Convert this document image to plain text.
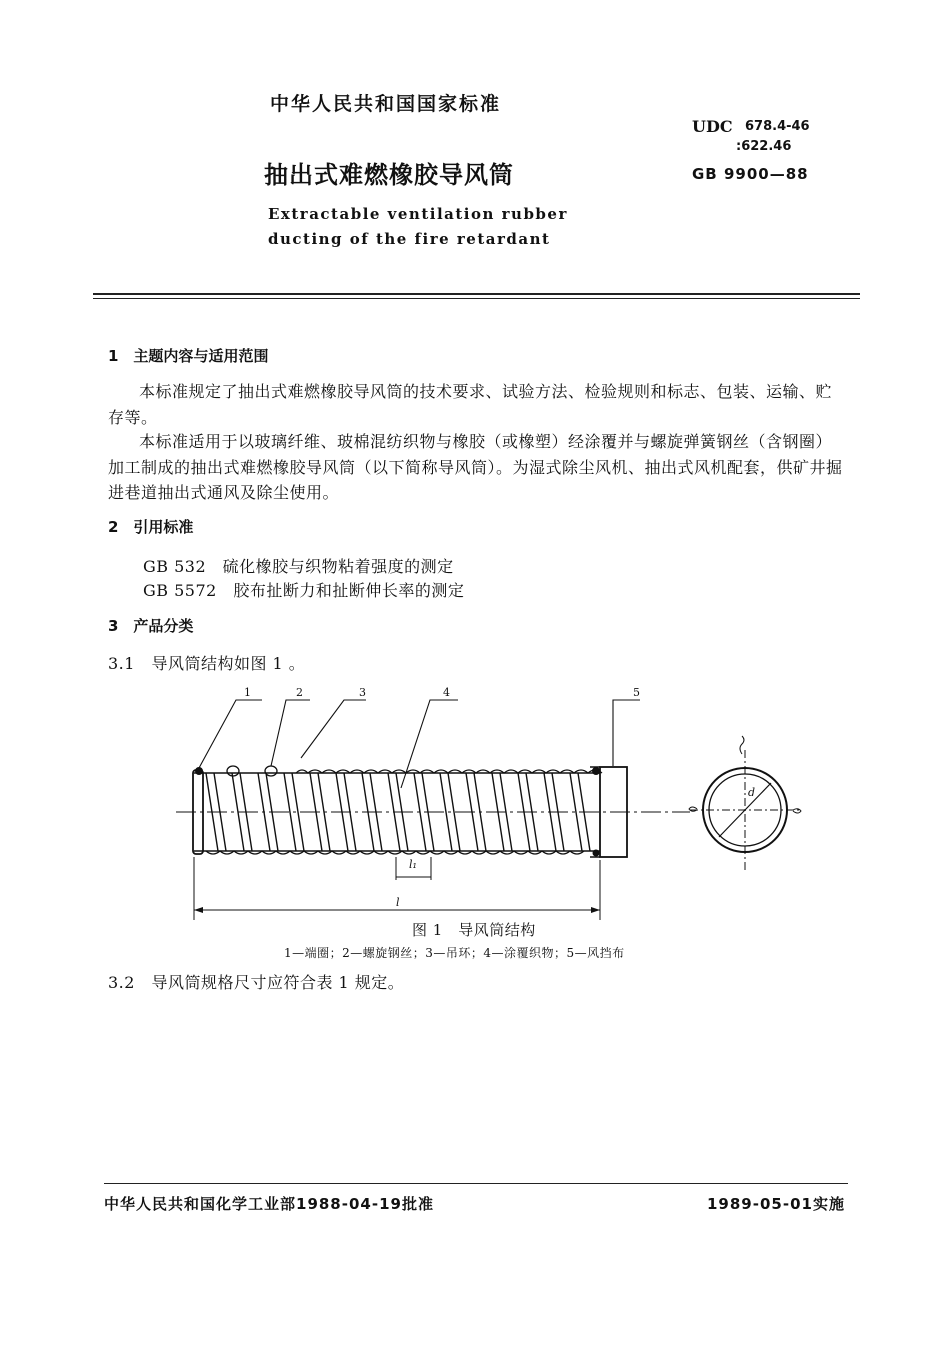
中华人民共和国国家标准
UDC 678.4-46
:622.46
GB 9900—88
抽出式难燃橡胶导风筒
Extractable ventilation rubber
ducting of the fire retardant
1　主题内容与适用范围
本标准规定了抽出式难燃橡胶导风筒的技术要求、试验方法、检验规则和标志、包装、运输、贮
存等。
本标准适用于以玻璃纤维、玻棉混纺织物与橡胶（或橡塑）经涂覆并与螺旋弹簧钢丝（含钢圈）
加工制成的抽出式难燃橡胶导风筒（以下简称导风筒）。为湿式除尘风机、抽出式风机配套，供矿井掘
进巷道抽出式通风及除尘使用。
2　引用标准
GB 532　硫化橡胶与织物粘着强度的测定
GB 5572　胶布扯断力和扯断伸长率的测定
3　产品分类
3.1　导风筒结构如图 1 。
1	2	3	4	5
l₁
l
d
图 1　导风筒结构
1—端圈；2—螺旋钢丝；3—吊环；4—涂覆织物；5—风挡布
3.2　导风筒规格尺寸应符合表 1 规定。
中华人民共和国化学工业部1988-04-19批准	1989-05-01实施
